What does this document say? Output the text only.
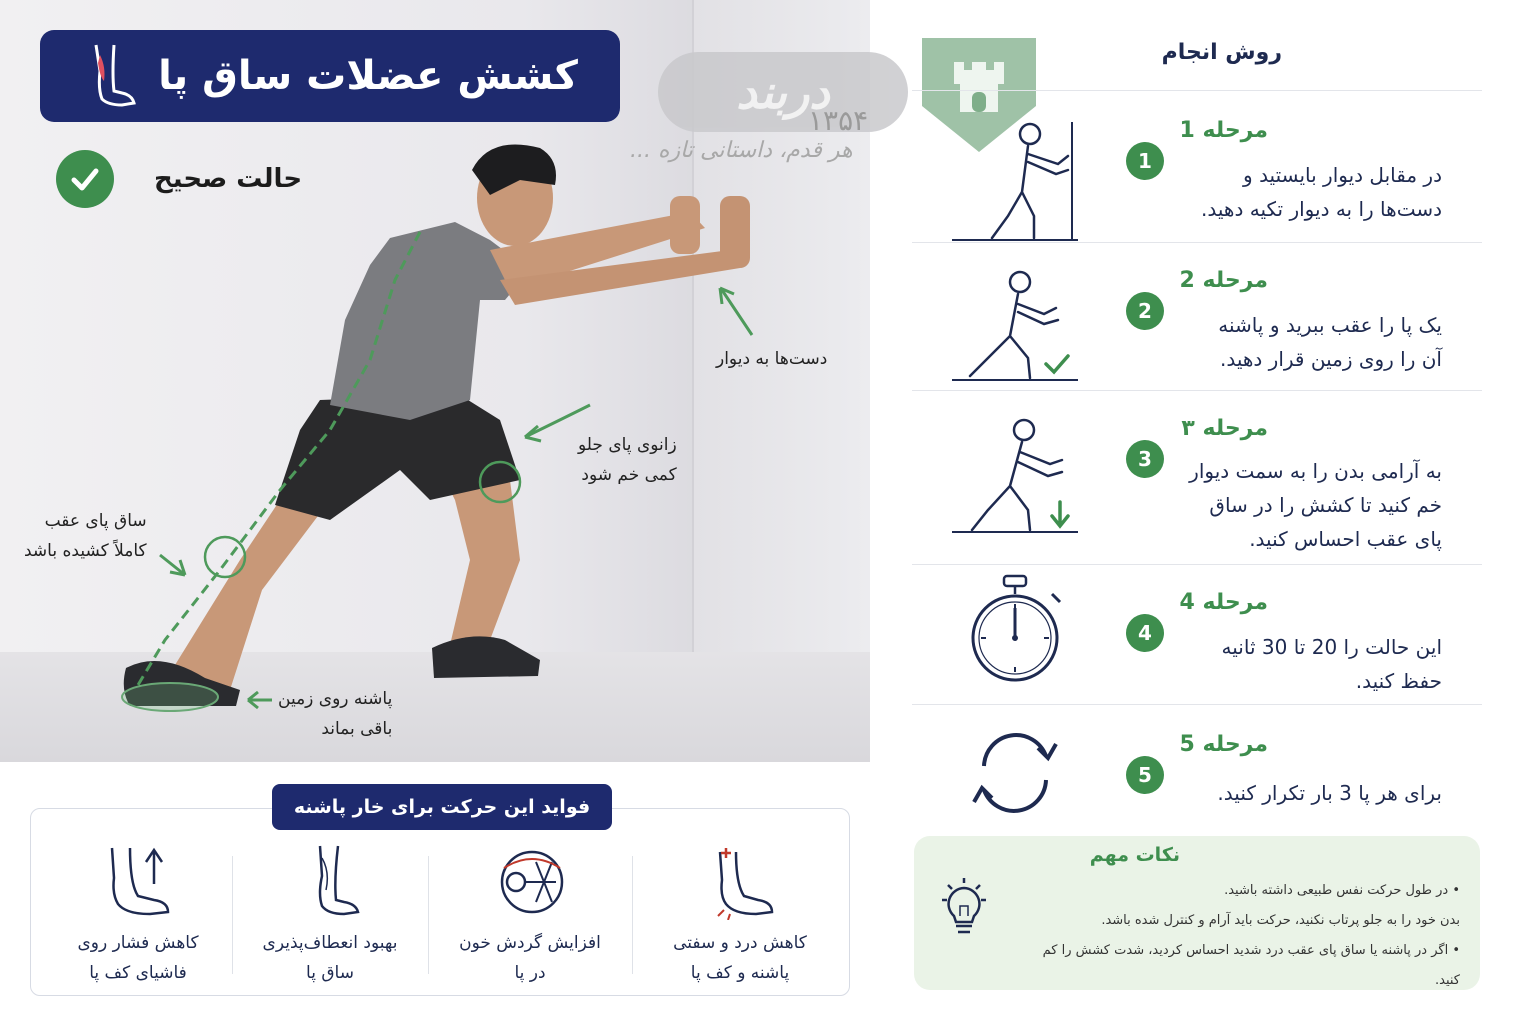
دست‌ها به دیوار
زانوی پای جلو
کمی خم شود
ساق پای عقب
کاملاً کشیده باشد
پاشنه روی زمین
باقی بماند
کشش عضلات ساق پا
حالت صحیح
دربند
۱۳۵۴
هر قدم، داستانی تازه ...
روش انجام
1
مرحله 1
در مقابل دیوار بایستید و
دست‌ها را به دیوار تکیه دهید.
2
مرحله 2
یک پا را عقب ببرید و پاشنه
آن را روی زمین قرار دهید.
3
مرحله ۳
به آرامی بدن را به سمت دیوار
خم کنید تا کشش را در ساق
پای عقب احساس کنید.
4
مرحله 4
این حالت را 20 تا 30 ثانیه
حفظ کنید.
5
مرحله 5
برای هر پا 3 بار تکرار کنید.
نکات مهم
• در طول حرکت نفس طبیعی داشته باشید.
بدن خود را به جلو پرتاب نکنید، حرکت باید آرام و کنترل شده باشد.
• اگر در پاشنه یا ساق پای عقب درد شدید احساس کردید، شدت کشش را کم کنید.
فواید این حرکت برای خار پاشنه
کاهش فشار روی
فاشیای کف پا
بهبود انعطاف‌پذیری
ساق پا
افزایش گردش خون
در پا
کاهش درد و سفتی
پاشنه و کف پا
